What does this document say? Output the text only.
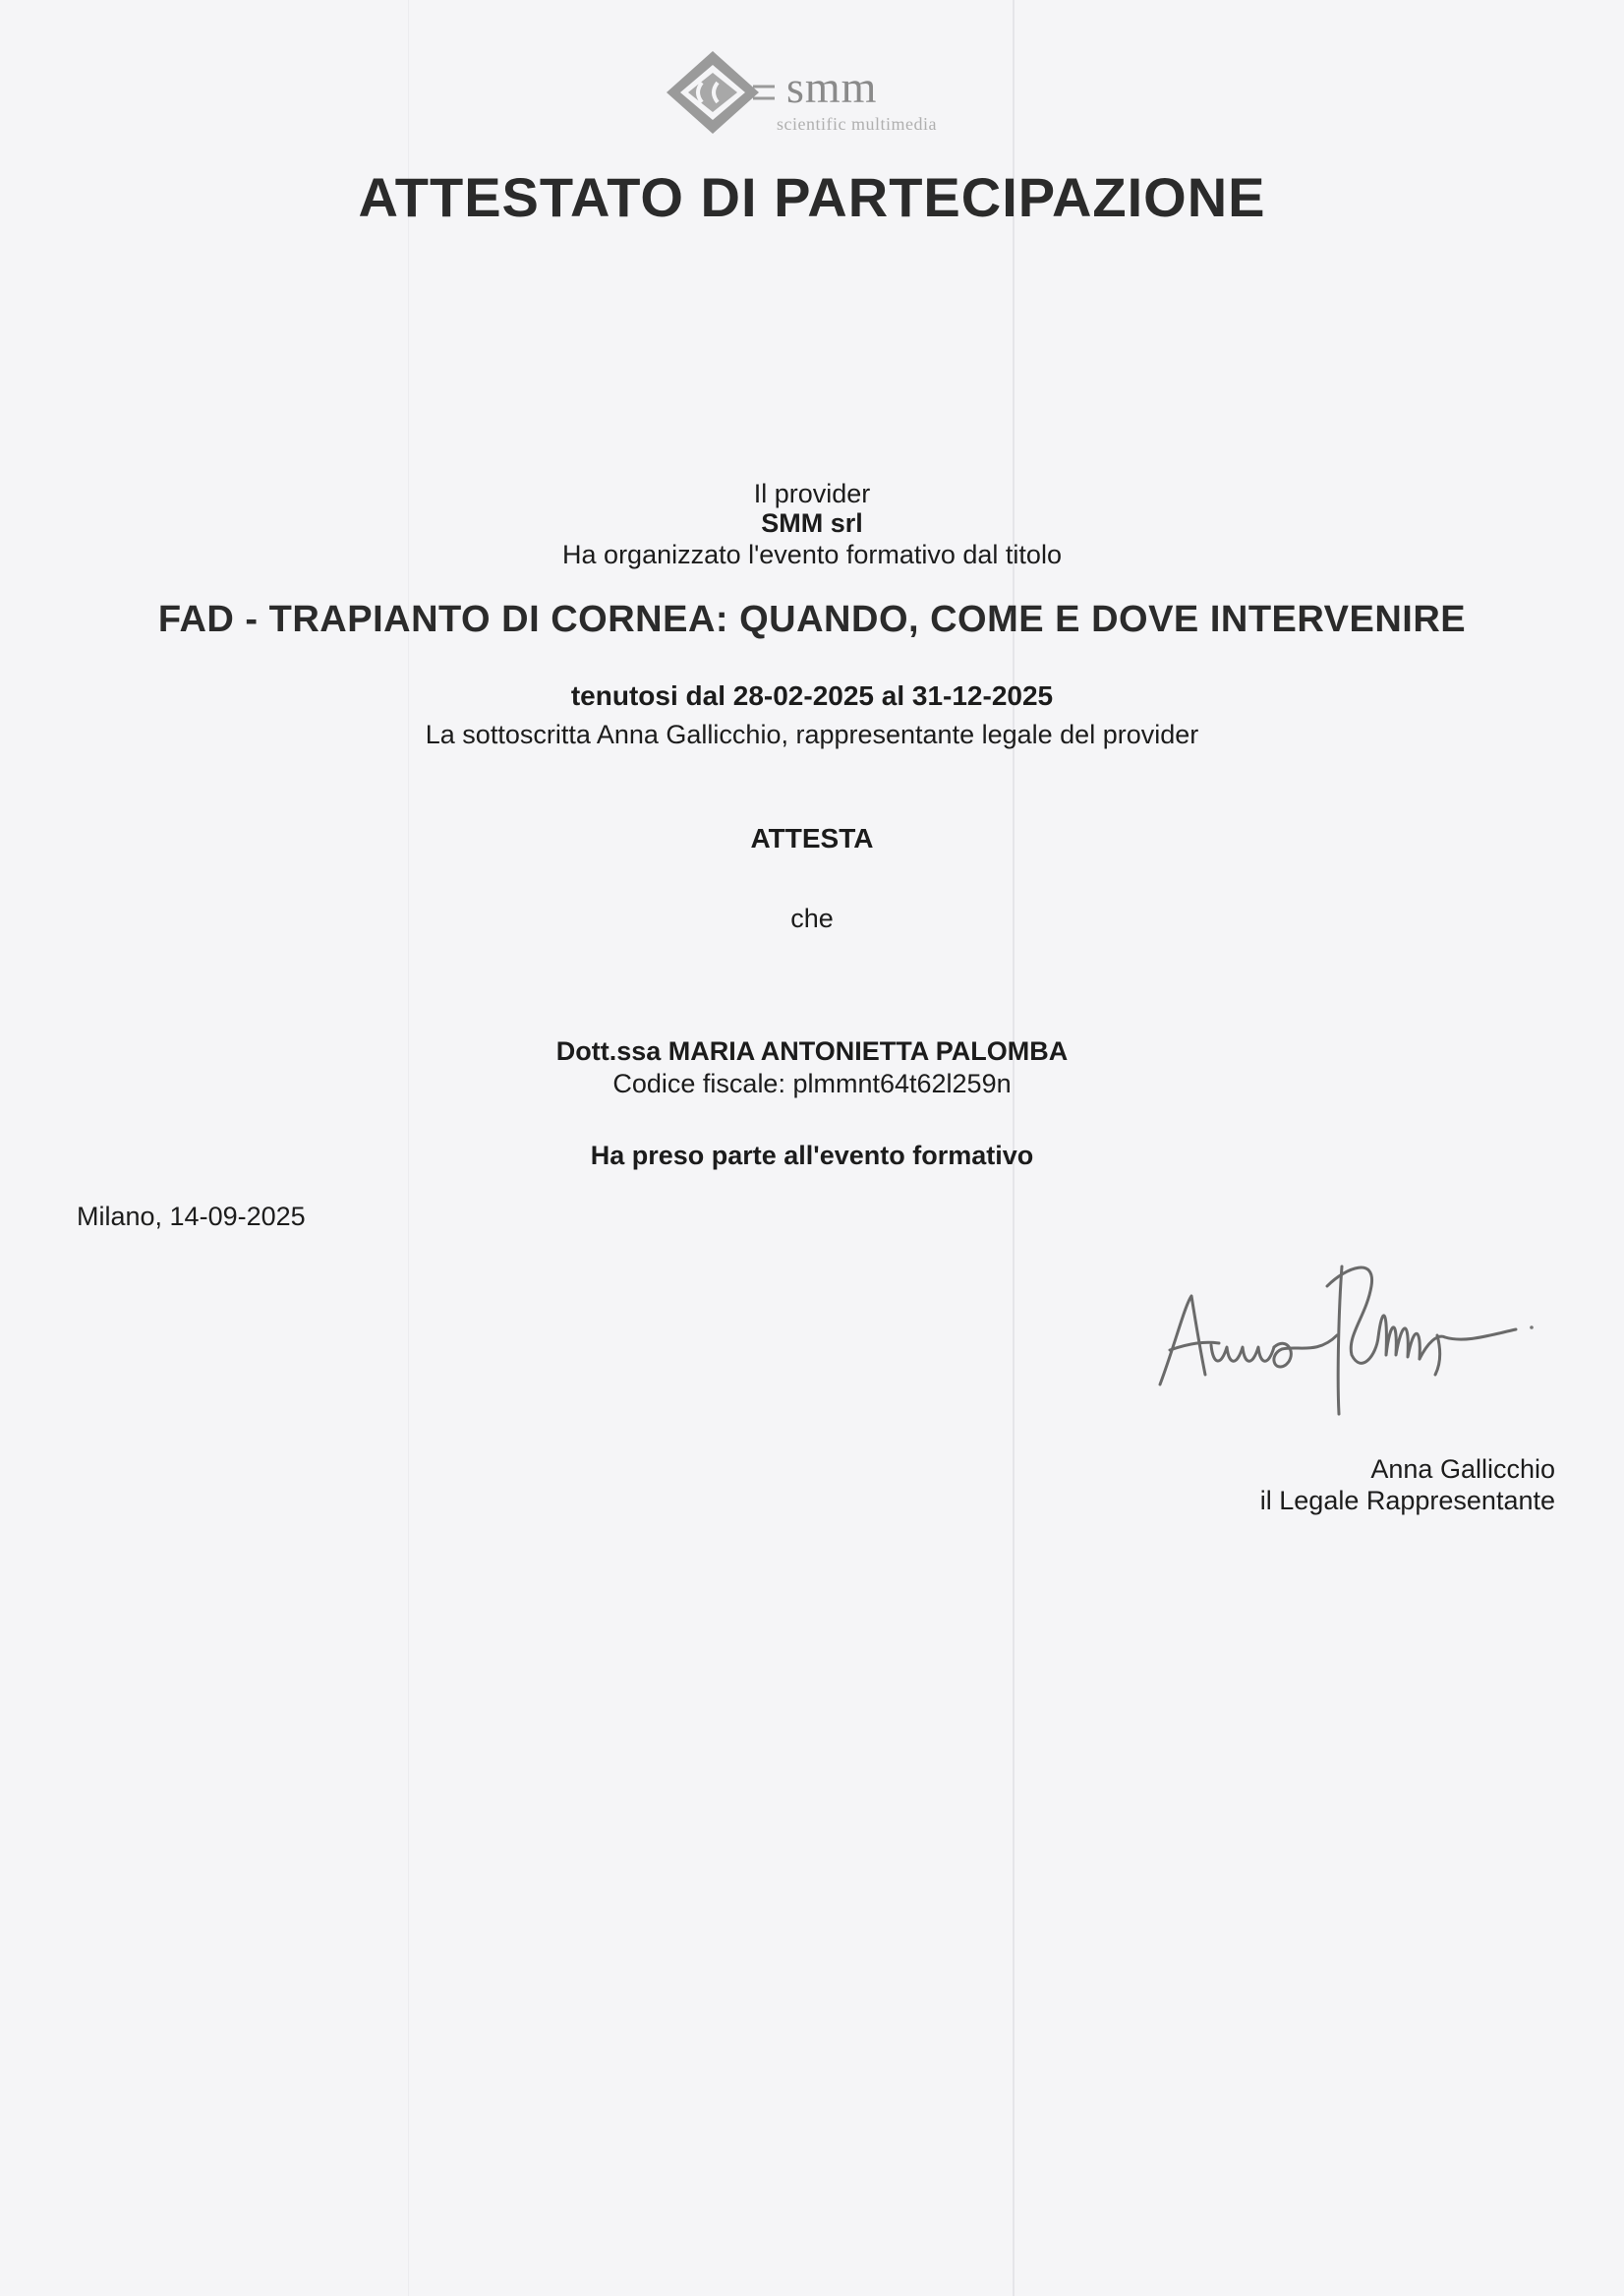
smm
scientific multimedia
ATTESTATO DI PARTECIPAZIONE
Il provider
SMM srl
Ha organizzato l'evento formativo dal titolo
FAD - TRAPIANTO DI CORNEA: QUANDO, COME E DOVE INTERVENIRE
tenutosi dal 28-02-2025 al 31-12-2025
La sottoscritta Anna Gallicchio, rappresentante legale del provider
ATTESTA
che
Dott.ssa MARIA ANTONIETTA PALOMBA
Codice fiscale: plmmnt64t62l259n
Ha preso parte all'evento formativo
Milano, 14-09-2025
Anna Gallicchio
il Legale Rappresentante
